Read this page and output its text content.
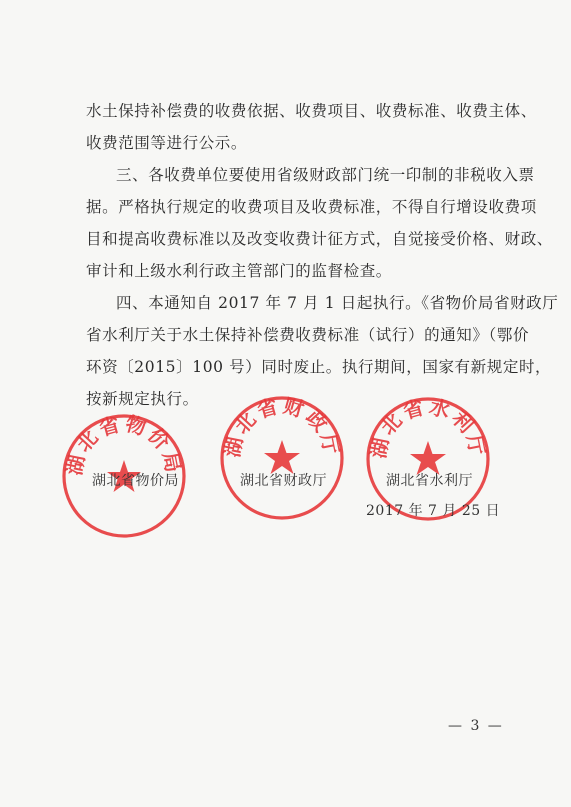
水土保持补偿费的收费依据、收费项目、收费标准、收费主体、
收费范围等进行公示。
三、各收费单位要使用省级财政部门统一印制的非税收入票
据。严格执行规定的收费项目及收费标准，不得自行增设收费项
目和提高收费标准以及改变收费计征方式，自觉接受价格、财政、
审计和上级水利行政主管部门的监督检查。
四、本通知自 2017 年 7 月 1 日起执行。《省物价局省财政厅
省水利厅关于水土保持补偿费收费标准（试行）的通知》（鄂价
环资〔2015〕100 号）同时废止。执行期间，国家有新规定时，
按新规定执行。
湖北省物价局
湖北省财政厅 湖北省水利厅
湖北省物价局	湖北省财政厅	湖北省水利厅
2017 年 7 月 25 日
— 3 —
